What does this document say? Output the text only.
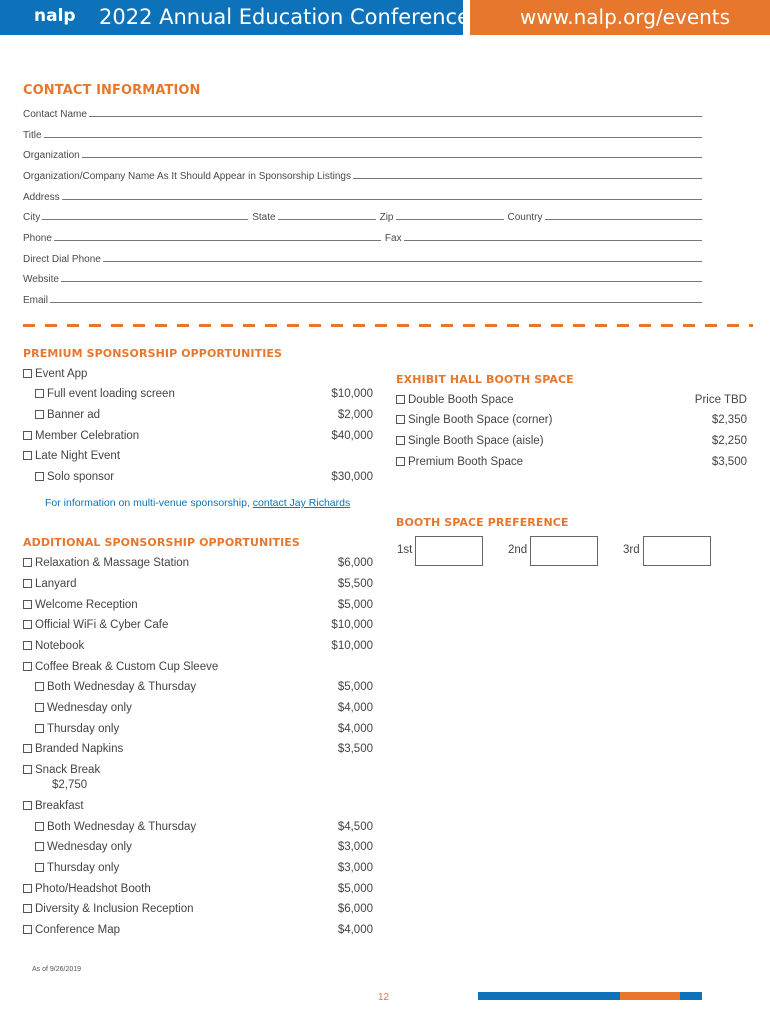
nalp 2022 Annual Education Conference www.nalp.org/events
CONTACT INFORMATION
Contact Name
Title
Organization
Organization/Company Name As It Should Appear in Sponsorship Listings
Address
City	State	Zip	Country
Phone	Fax
Direct Dial Phone
Website
Email
PREMIUM SPONSORSHIP OPPORTUNITIES
Event App
Full event loading screen	$10,000
Banner ad	$2,000
Member Celebration	$40,000
Late Night Event
Solo sponsor	$30,000
For information on multi-venue sponsorship, contact Jay Richards
ADDITIONAL SPONSORSHIP OPPORTUNITIES
Relaxation & Massage Station	$6,000
Lanyard	$5,500
Welcome Reception	$5,000
Official WiFi & Cyber Cafe	$10,000
Notebook	$10,000
Coffee Break & Custom Cup Sleeve
Both Wednesday & Thursday	$5,000
Wednesday only	$4,000
Thursday only	$4,000
Branded Napkins	$3,500
Snack Break
$2,750
Breakfast
Both Wednesday & Thursday	$4,500
Wednesday only	$3,000
Thursday only	$3,000
Photo/Headshot Booth	$5,000
Diversity & Inclusion Reception	$6,000
Conference Map	$4,000
EXHIBIT HALL BOOTH SPACE
Double Booth Space	Price TBD
Single Booth Space (corner)	$2,350
Single Booth Space (aisle)	$2,250
Premium Booth Space	$3,500
BOOTH SPACE PREFERENCE
1st	2nd	3rd
As of 9/26/2019
12
